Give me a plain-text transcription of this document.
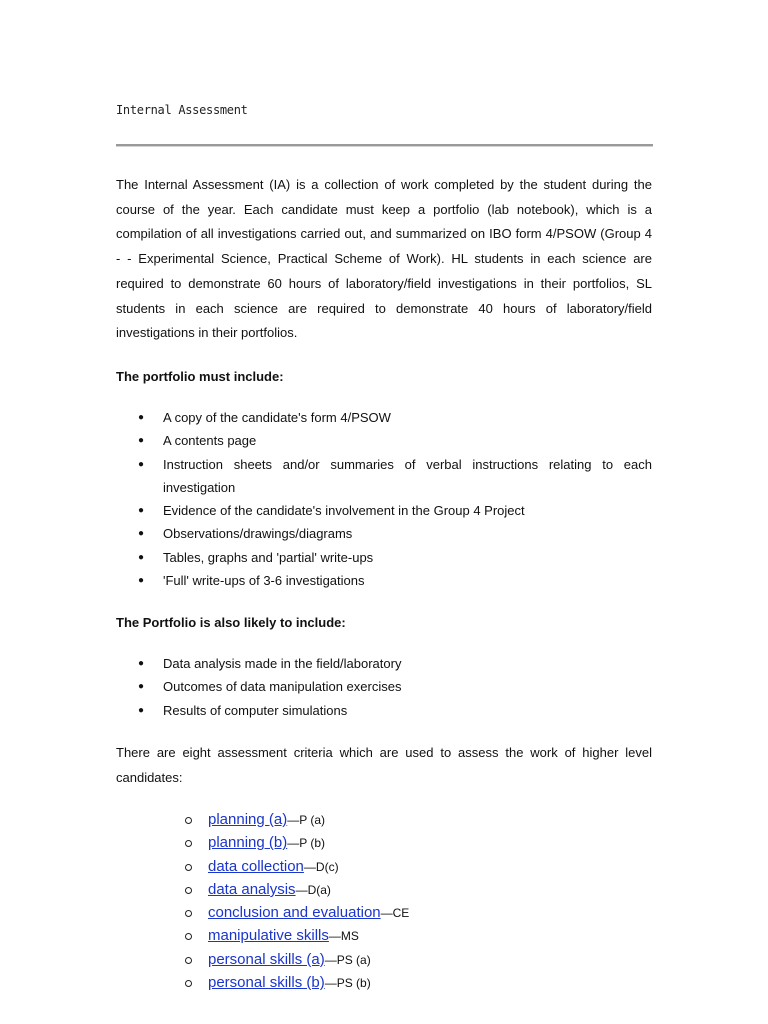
Internal Assessment

The Internal Assessment (IA) is a collection of work completed by the student during the course of the year. Each candidate must keep a portfolio (lab notebook), which is a compilation of all investigations carried out, and summarized on IBO form 4/PSOW (Group 4 - - Experimental Science, Practical Scheme of Work). HL students in each science are required to demonstrate 60 hours of laboratory/field investigations in their portfolios, SL students in each science are required to demonstrate 40 hours of laboratory/field investigations in their portfolios.

The portfolio must include:

● A copy of the candidate's form 4/PSOW
● A contents page
● Instruction sheets and/or summaries of verbal instructions relating to each investigation
● Evidence of the candidate's involvement in the Group 4 Project
● Observations/drawings/diagrams
● Tables, graphs and 'partial' write-ups
● 'Full' write-ups of 3-6 investigations

The Portfolio is also likely to include:

● Data analysis made in the field/laboratory
● Outcomes of data manipulation exercises
● Results of computer simulations

There are eight assessment criteria which are used to assess the work of higher level candidates:

planning (a)—P (a)
planning (b)—P (b)
data collection—D(c)
data analysis—D(a)
conclusion and evaluation—CE
manipulative skills—MS
personal skills (a)—PS (a)
personal skills (b)—PS (b)
